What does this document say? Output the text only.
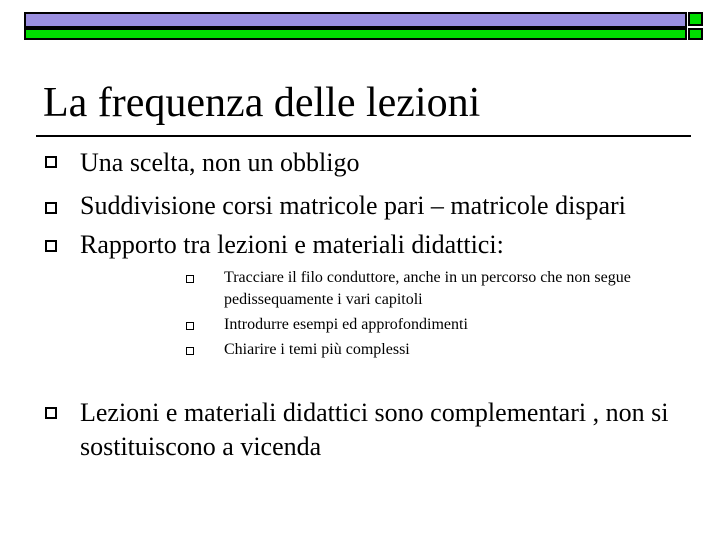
La frequenza delle lezioni
Una scelta, non un obbligo
Suddivisione corsi matricole pari – matricole dispari
Rapporto tra lezioni e materiali didattici:
Tracciare il filo conduttore, anche in un percorso che non segue pedissequamente i vari capitoli
Introdurre esempi ed approfondimenti
Chiarire i temi più complessi
Lezioni e materiali didattici sono complementari , non si sostituiscono a vicenda
